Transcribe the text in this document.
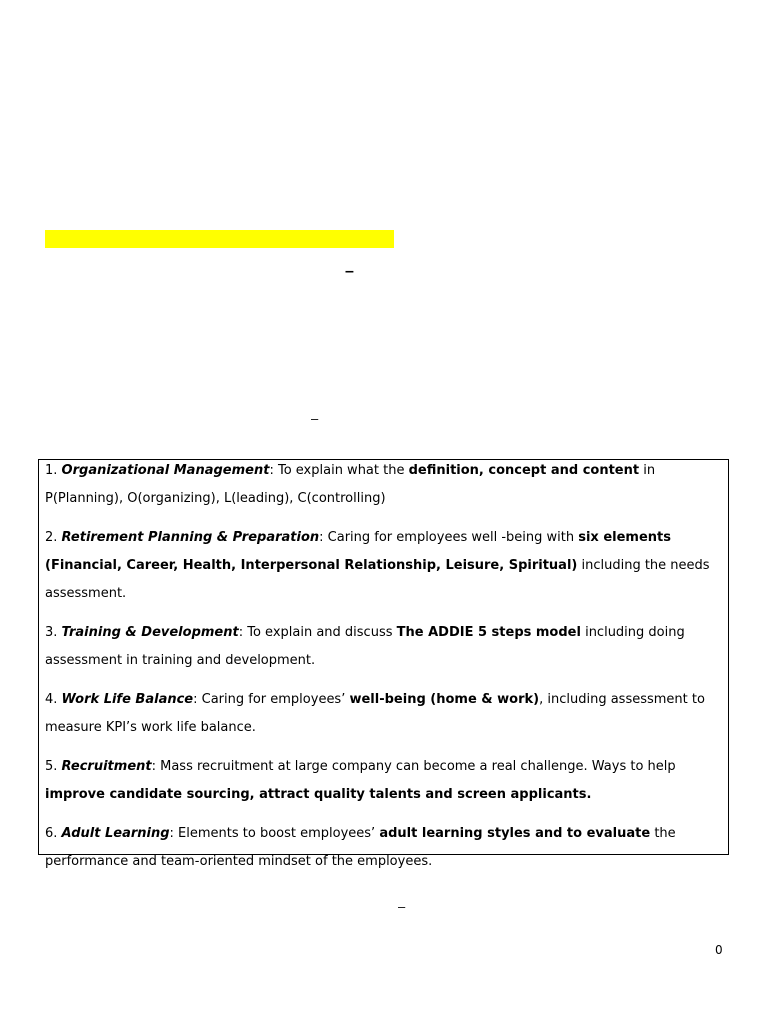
–
–

1. Organizational Management: To explain what the definition, concept and content in P(Planning), O(organizing), L(leading), C(controlling)

2. Retirement Planning & Preparation: Caring for employees well -being with six elements (Financial, Career, Health, Interpersonal Relationship, Leisure, Spiritual) including the needs assessment.

3. Training & Development: To explain and discuss The ADDIE 5 steps model including doing assessment in training and development.

4. Work Life Balance: Caring for employees’ well-being (home & work), including assessment to measure KPI’s work life balance.

5. Recruitment: Mass recruitment at large company can become a real challenge. Ways to help improve candidate sourcing, attract quality talents and screen applicants.

6. Adult Learning: Elements to boost employees’ adult learning styles and to evaluate the performance and team-oriented mindset of the employees.

–
0
